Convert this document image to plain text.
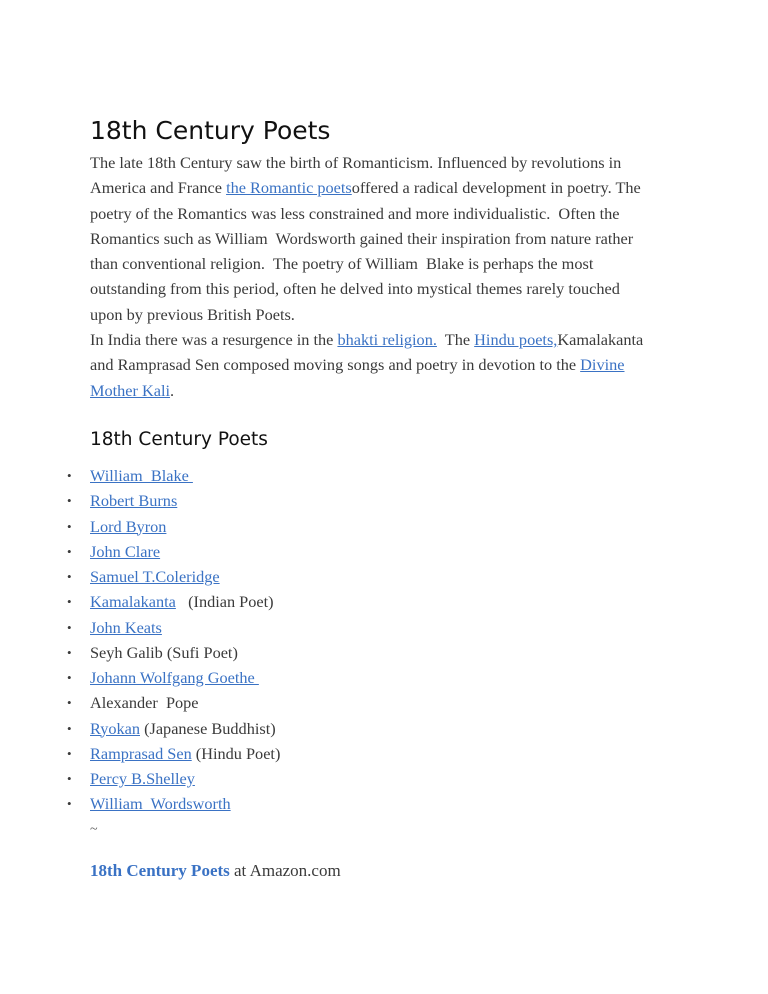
18th Century Poets
The late 18th Century saw the birth of Romanticism. Influenced by revolutions in
America and France the Romantic poetsoffered a radical development in poetry. The
poetry of the Romantics was less constrained and more individualistic.  Often the
Romantics such as William  Wordsworth gained their inspiration from nature rather
than conventional religion.  The poetry of William  Blake is perhaps the most
outstanding from this period, often he delved into mystical themes rarely touched
upon by previous British Poets.
In India there was a resurgence in the bhakti religion.  The Hindu poets,Kamalakanta
and Ramprasad Sen composed moving songs and poetry in devotion to the Divine
Mother Kali.
18th Century Poets
• William  Blake
• Robert Burns
• Lord Byron
• John Clare
• Samuel T.Coleridge
• Kamalakanta   (Indian Poet)
• John Keats
• Seyh Galib (Sufi Poet)
• Johann Wolfgang Goethe
• Alexander  Pope
• Ryokan (Japanese Buddhist)
• Ramprasad Sen (Hindu Poet)
• Percy B.Shelley
• William  Wordsworth
~
18th Century Poets at Amazon.com
